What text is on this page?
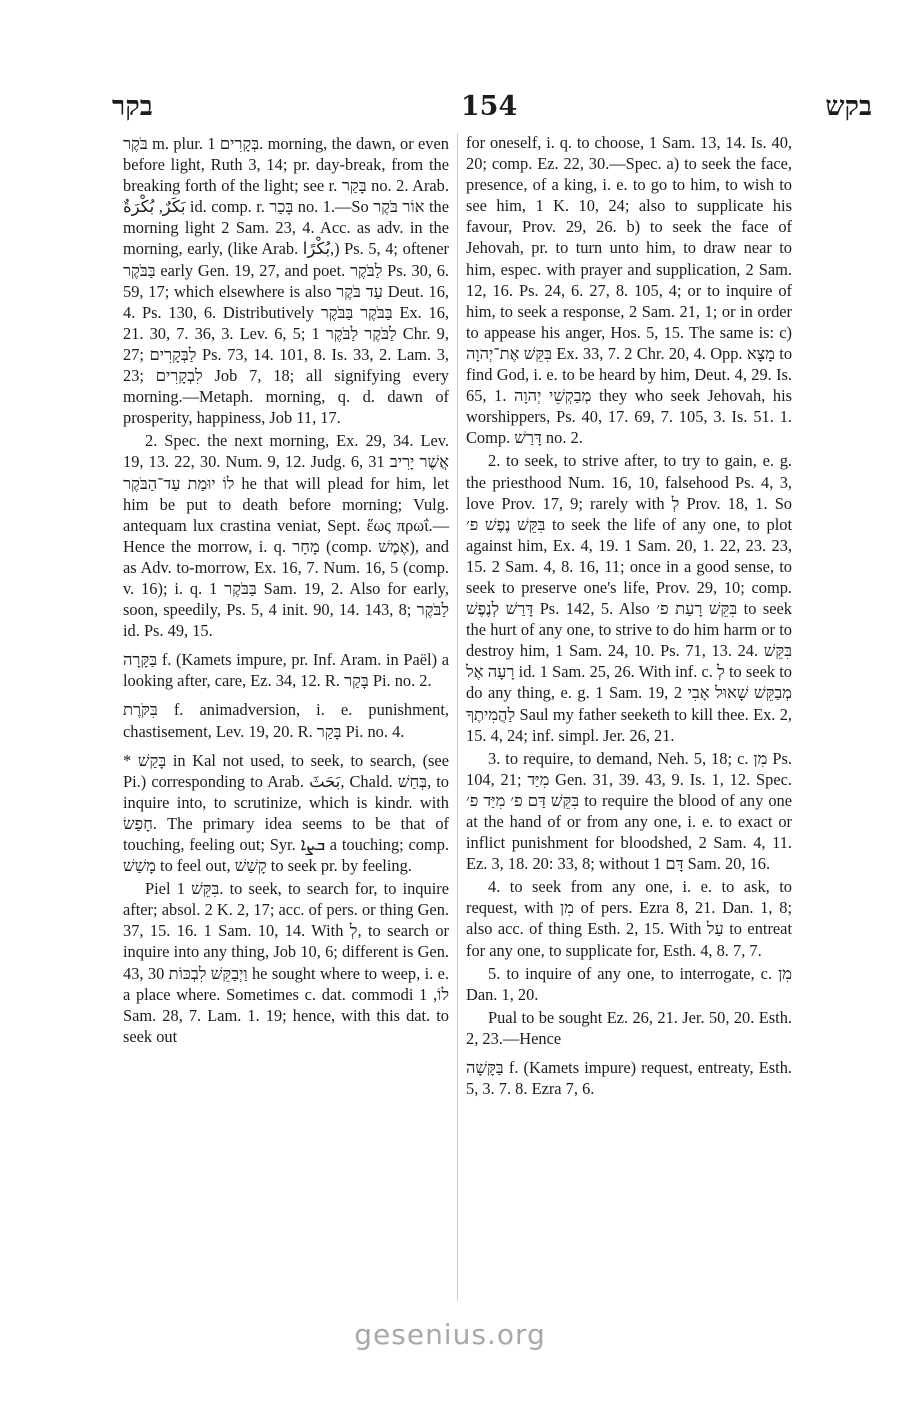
בקר	154	בקש

בֹּקֶר m. plur. בְּקָרִים 1. morning, the dawn, or even before light, Ruth 3, 14; pr. day-break, from the breaking forth of the light; see r. בָּקַר no. 2. Arab. بَكَرٌ, بُكْرَةٌ id. comp. r. בָּכַר no. 1.—So אוֹר בֹּקֶר the morning light 2 Sam. 23, 4. Acc. as adv. in the morning, early, (like Arab. بُكْرًا,) Ps. 5, 4; oftener בַּבֹּקֶר early Gen. 19, 27, and poet. לַבֹּקֶר Ps. 30, 6. 59, 17; which elsewhere is also עַד בֹּקֶר Deut. 16, 4. Ps. 130, 6. Distributively בַּבֹּקֶר בַּבֹּקֶר Ex. 16, 21. 30, 7. 36, 3. Lev. 6, 5; לַבֹּקֶר לַבֹּקֶר 1 Chr. 9, 27; לַבְּקָרִים Ps. 73, 14. 101, 8. Is. 33, 2. Lam. 3, 23; לִבְקָרִים Job 7, 18; all signifying every morning.—Metaph. morning, q. d. dawn of prosperity, happiness, Job 11, 17.

2. Spec. the next morning, Ex. 29, 34. Lev. 19, 13. 22, 30. Num. 9, 12. Judg. 6, 31 אֲשֶׁר יָרִיב לוֹ יוּמַת עַד־הַבֹּקֶר he that will plead for him, let him be put to death before morning; Vulg. antequam lux crastina veniat, Sept. ἕως πρωΐ.—Hence the morrow, i. q. מָחָר (comp. אֶמֶשׁ), and as Adv. to-morrow, Ex. 16, 7. Num. 16, 5 (comp. v. 16); i. q. בַּבֹּקֶר 1 Sam. 19, 2. Also for early, soon, speedily, Ps. 5, 4 init. 90, 14. 143, 8; לַבֹּקֶר id. Ps. 49, 15.

בַּקָּרָה f. (Kamets impure, pr. Inf. Aram. in Paël) a looking after, care, Ez. 34, 12. R. בָּקַר Pi. no. 2.

בִּקֹּרֶת f. animadversion, i. e. punishment, chastisement, Lev. 19, 20. R. בָּקַר Pi. no. 4.

* בָּקַשׁ in Kal not used, to seek, to search, (see Pi.) corresponding to Arab. بَحَثَ, Chald. בְּחַשׁ, to inquire into, to scrutinize, which is kindr. with חָפַשׂ. The primary idea seems to be that of touching, feeling out; Syr. ܒܨܐ a touching; comp. מָשַׁשׁ to feel out, קָשַׁשׁ to seek pr. by feeling.

Piel בִּקֵּשׁ 1. to seek, to search for, to inquire after; absol. 2 K. 2, 17; acc. of pers. or thing Gen. 37, 15. 16. 1 Sam. 10, 14. With לְ, to search or inquire into any thing, Job 10, 6; different is Gen. 43, 30 וַיְבַקֵּשׁ לִבְכּוֹת he sought where to weep, i. e. a place where. Sometimes c. dat. commodi לוֹ, 1 Sam. 28, 7. Lam. 1. 19; hence, with this dat. to seek out

for oneself, i. q. to choose, 1 Sam. 13, 14. Is. 40, 20; comp. Ez. 22, 30.—Spec. a) to seek the face, presence, of a king, i. e. to go to him, to wish to see him, 1 K. 10, 24; also to supplicate his favour, Prov. 29, 26. b) to seek the face of Jehovah, pr. to turn unto him, to draw near to him, espec. with prayer and supplication, 2 Sam. 12, 16. Ps. 24, 6. 27, 8. 105, 4; or to inquire of him, to seek a response, 2 Sam. 21, 1; or in order to appease his anger, Hos. 5, 15. The same is: c) בִּקֵּשׁ אֶת־יְהוָה Ex. 33, 7. 2 Chr. 20, 4. Opp. מָצָא to find God, i. e. to be heard by him, Deut. 4, 29. Is. 65, 1. מְבַקְשֵׁי יְהוָה they who seek Jehovah, his worshippers, Ps. 40, 17. 69, 7. 105, 3. Is. 51. 1. Comp. דָּרַשׁ no. 2.

2. to seek, to strive after, to try to gain, e. g. the priesthood Num. 16, 10, falsehood Ps. 4, 3, love Prov. 17, 9; rarely with לְ Prov. 18, 1. So בִּקֵּשׁ נֶפֶשׁ פ׳ to seek the life of any one, to plot against him, Ex. 4, 19. 1 Sam. 20, 1. 22, 23. 23, 15. 2 Sam. 4, 8. 16, 11; once in a good sense, to seek to preserve one's life, Prov. 29, 10; comp. דָּרַשׁ לְנֶפֶשׁ Ps. 142, 5. Also בִּקֵּשׁ רָעַת פ׳ to seek the hurt of any one, to strive to do him harm or to destroy him, 1 Sam. 24, 10. Ps. 71, 13. 24. בִּקֵּשׁ רָעָה אֶל id. 1 Sam. 25, 26. With inf. c. לְ to seek to do any thing, e. g. 1 Sam. 19, 2 מְבַקֵּשׁ שָׁאוּל אָבִי לַהֲמִיתֶךָ Saul my father seeketh to kill thee. Ex. 2, 15. 4, 24; inf. simpl. Jer. 26, 21.

3. to require, to demand, Neh. 5, 18; c. מִן Ps. 104, 21; מִיַּד Gen. 31, 39. 43, 9. Is. 1, 12. Spec. בִּקֵּשׁ דַּם פ׳ מִיַּד פ׳ to require the blood of any one at the hand of or from any one, i. e. to exact or inflict punishment for bloodshed, 2 Sam. 4, 11. Ez. 3, 18. 20: 33, 8; without דָּם 1 Sam. 20, 16.

4. to seek from any one, i. e. to ask, to request, with מִן of pers. Ezra 8, 21. Dan. 1, 8; also acc. of thing Esth. 2, 15. With עַל to entreat for any one, to supplicate for, Esth. 4, 8. 7, 7.

5. to inquire of any one, to interrogate, c. מִן Dan. 1, 20.

Pual to be sought Ez. 26, 21. Jer. 50, 20. Esth. 2, 23.—Hence

בַּקָּשָׁה f. (Kamets impure) request, entreaty, Esth. 5, 3. 7. 8. Ezra 7, 6.

gesenius.org
